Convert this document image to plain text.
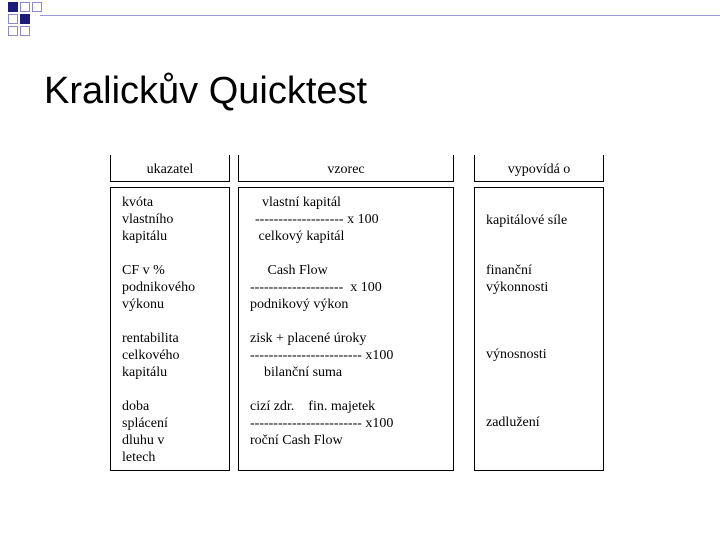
Kralickův Quicktest
ukazatel	vzorec	vypovídá o
kvóta
vlastního
kapitálu
vlastní kapitál
------------------- x 100
celkový kapitál
kapitálové síle
CF v %
podnikového
výkonu
Cash Flow
--------------------  x 100
podnikový výkon
finanční
výkonnosti
rentabilita
celkového
kapitálu
zisk + placené úroky
------------------------ x100
bilanční suma
výnosnosti
doba
splácení
dluhu v
letech
cizí zdr.    fin. majetek
------------------------ x100
roční Cash Flow
zadlužení
